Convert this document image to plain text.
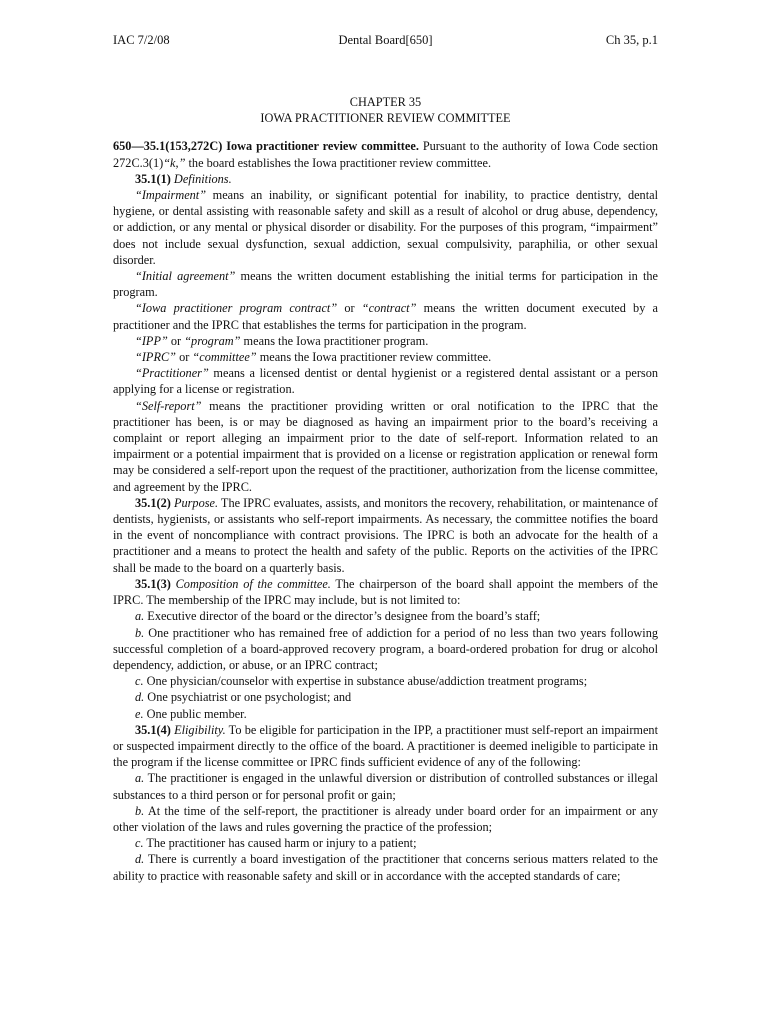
IAC 7/2/08	Dental Board[650]	Ch 35, p.1
CHAPTER 35
IOWA PRACTITIONER REVIEW COMMITTEE

650—35.1(153,272C) Iowa practitioner review committee. Pursuant to the authority of Iowa Code section 272C.3(1)“k,” the board establishes the Iowa practitioner review committee.

35.1(1) Definitions.

“Impairment” means an inability, or significant potential for inability, to practice dentistry, dental hygiene, or dental assisting with reasonable safety and skill as a result of alcohol or drug abuse, dependency, or addiction, or any mental or physical disorder or disability. For the purposes of this program, “impairment” does not include sexual dysfunction, sexual addiction, sexual compulsivity, paraphilia, or other sexual disorder.

“Initial agreement” means the written document establishing the initial terms for participation in the program.

“Iowa practitioner program contract” or “contract” means the written document executed by a practitioner and the IPRC that establishes the terms for participation in the program.

“IPP” or “program” means the Iowa practitioner program.

“IPRC” or “committee” means the Iowa practitioner review committee.

“Practitioner” means a licensed dentist or dental hygienist or a registered dental assistant or a person applying for a license or registration.

“Self-report” means the practitioner providing written or oral notification to the IPRC that the practitioner has been, is or may be diagnosed as having an impairment prior to the board’s receiving a complaint or report alleging an impairment prior to the date of self-report. Information related to an impairment or a potential impairment that is provided on a license or registration application or renewal form may be considered a self-report upon the request of the practitioner, authorization from the license committee, and agreement by the IPRC.

35.1(2) Purpose. The IPRC evaluates, assists, and monitors the recovery, rehabilitation, or maintenance of dentists, hygienists, or assistants who self-report impairments. As necessary, the committee notifies the board in the event of noncompliance with contract provisions. The IPRC is both an advocate for the health of a practitioner and a means to protect the health and safety of the public. Reports on the activities of the IPRC shall be made to the board on a quarterly basis.

35.1(3) Composition of the committee. The chairperson of the board shall appoint the members of the IPRC. The membership of the IPRC may include, but is not limited to:

a. Executive director of the board or the director’s designee from the board’s staff;

b. One practitioner who has remained free of addiction for a period of no less than two years following successful completion of a board-approved recovery program, a board-ordered probation for drug or alcohol dependency, addiction, or abuse, or an IPRC contract;

c. One physician/counselor with expertise in substance abuse/addiction treatment programs;

d. One psychiatrist or one psychologist; and

e. One public member.

35.1(4) Eligibility. To be eligible for participation in the IPP, a practitioner must self-report an impairment or suspected impairment directly to the office of the board. A practitioner is deemed ineligible to participate in the program if the license committee or IPRC finds sufficient evidence of any of the following:

a. The practitioner is engaged in the unlawful diversion or distribution of controlled substances or illegal substances to a third person or for personal profit or gain;

b. At the time of the self-report, the practitioner is already under board order for an impairment or any other violation of the laws and rules governing the practice of the profession;

c. The practitioner has caused harm or injury to a patient;

d. There is currently a board investigation of the practitioner that concerns serious matters related to the ability to practice with reasonable safety and skill or in accordance with the accepted standards of care;
